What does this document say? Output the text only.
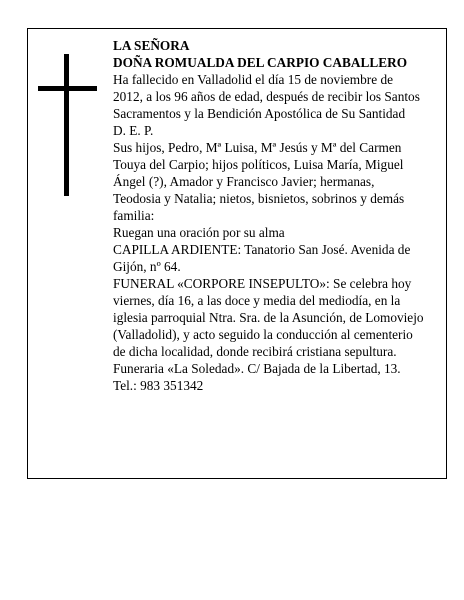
LA SEÑORA

DOÑA ROMUALDA DEL CARPIO CABALLERO

Ha fallecido en Valladolid el día 15 de noviembre de 2012, a los 96 años de edad, después de recibir los Santos Sacramentos y la Bendición Apostólica de Su Santidad

D. E. P.

Sus hijos, Pedro, Mª Luisa, Mª Jesús y Mª del Carmen Touya del Carpio; hijos políticos, Luisa María, Miguel Ángel (?), Amador y Francisco Javier; hermanas, Teodosia y Natalia; nietos, bisnietos, sobrinos y demás familia:

Ruegan una oración por su alma

CAPILLA ARDIENTE: Tanatorio San José. Avenida de Gijón, nº 64.

FUNERAL «CORPORE INSEPULTO»: Se celebra hoy viernes, día 16, a las doce y media del mediodía, en la iglesia parroquial Ntra. Sra. de la Asunción, de Lomoviejo (Valladolid), y acto seguido la conducción al cementerio de dicha localidad, donde recibirá cristiana sepultura.

Funeraria «La Soledad». C/ Bajada de la Libertad, 13. Tel.: 983 351342
